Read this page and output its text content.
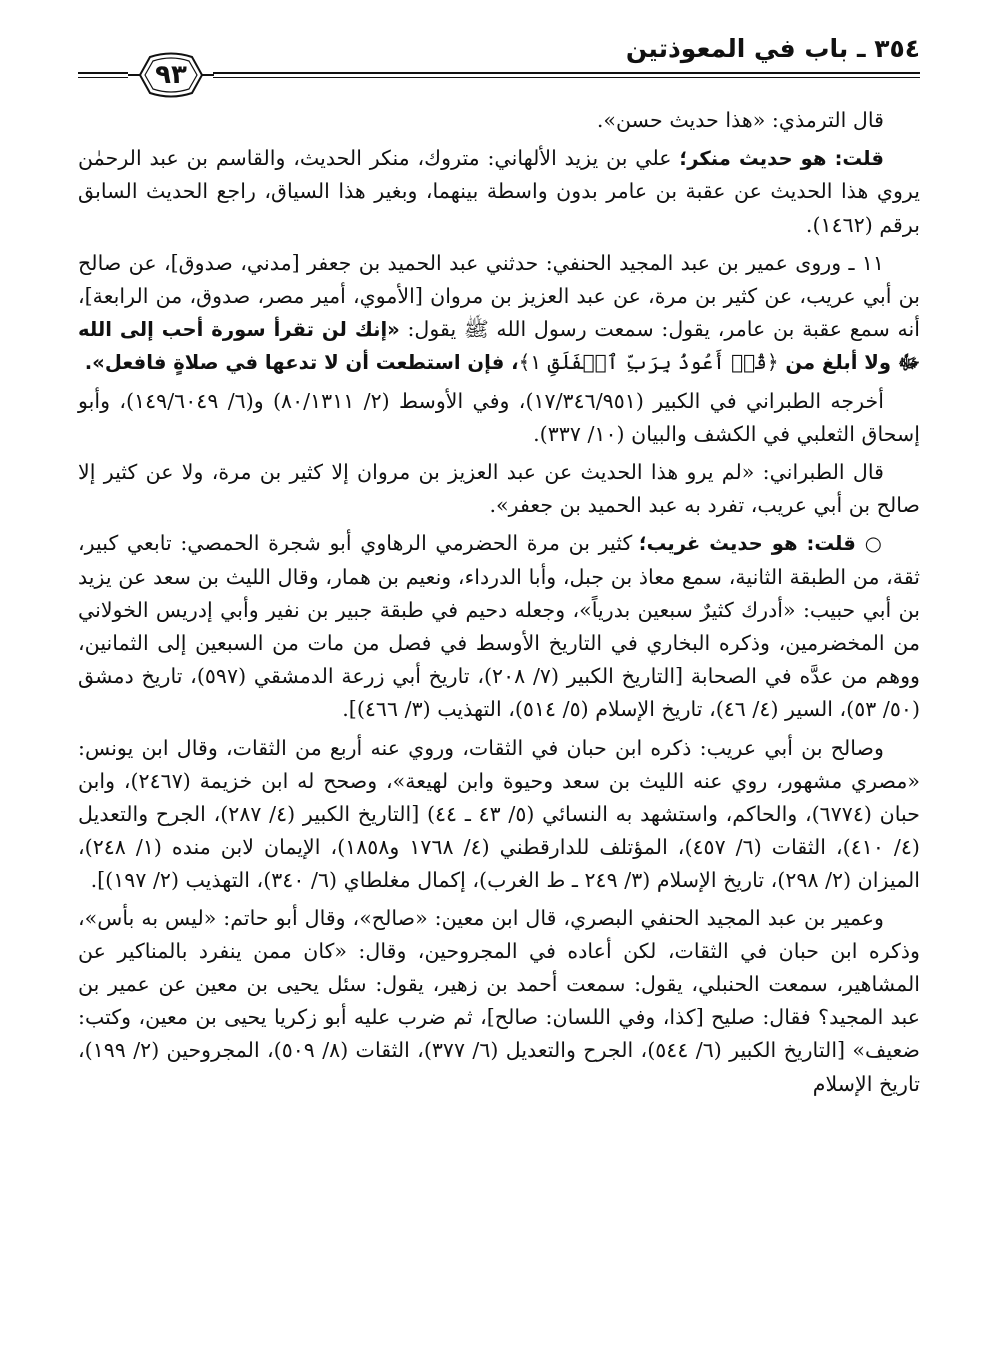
٣٥٤ ـ باب في المعوذتين
٩٣

قال الترمذي: «هذا حديث حسن».

قلت: هو حديث منكر؛ علي بن يزيد الألهاني: متروك، منكر الحديث، والقاسم بن عبد الرحمٰن يروي هذا الحديث عن عقبة بن عامر بدون واسطة بينهما، وبغير هذا السياق، راجع الحديث السابق برقم (١٤٦٢).

١١ ـ وروى عمير بن عبد المجيد الحنفي: حدثني عبد الحميد بن جعفر [مدني، صدوق]، عن صالح بن أبي عريب، عن كثير بن مرة، عن عبد العزيز بن مروان [الأموي، أمير مصر، صدوق، من الرابعة]، أنه سمع عقبة بن عامر، يقول: سمعت رسول الله ﷺ يقول: «إنك لن تقرأ سورة أحب إلى الله ﷻ ولا أبلغ من ﴿قُلۡ أَعُوذُ بِرَبِّ ٱلۡفَلَقِ ١﴾، فإن استطعت أن لا تدعها في صلاةٍ فافعل».

أخرجه الطبراني في الكبير (١٧/٣٤٦/٩٥١)، وفي الأوسط (٢/ ٨٠/١٣١١) و(٦/ ١٤٩/٦٠٤٩)، وأبو إسحاق الثعلبي في الكشف والبيان (١٠/ ٣٣٧).

قال الطبراني: «لم يرو هذا الحديث عن عبد العزيز بن مروان إلا كثير بن مرة، ولا عن كثير إلا صالح بن أبي عريب، تفرد به عبد الحميد بن جعفر».

○ قلت: هو حديث غريب؛ كثير بن مرة الحضرمي الرهاوي أبو شجرة الحمصي: تابعي كبير، ثقة، من الطبقة الثانية، سمع معاذ بن جبل، وأبا الدرداء، ونعيم بن همار، وقال الليث بن سعد عن يزيد بن أبي حبيب: «أدرك كثيرٌ سبعين بدرياً»، وجعله دحيم في طبقة جبير بن نفير وأبي إدريس الخولاني من المخضرمين، وذكره البخاري في التاريخ الأوسط في فصل من مات من السبعين إلى الثمانين، ووهم من عدَّه في الصحابة [التاريخ الكبير (٧/ ٢٠٨)، تاريخ أبي زرعة الدمشقي (٥٩٧)، تاريخ دمشق (٥٠/ ٥٣)، السير (٤/ ٤٦)، تاريخ الإسلام (٥/ ٥١٤)، التهذيب (٣/ ٤٦٦)].

وصالح بن أبي عريب: ذكره ابن حبان في الثقات، وروي عنه أربع من الثقات، وقال ابن يونس: «مصري مشهور، روي عنه الليث بن سعد وحيوة وابن لهيعة»، وصحح له ابن خزيمة (٢٤٦٧)، وابن حبان (٦٧٧٤)، والحاكم، واستشهد به النسائي (٥/ ٤٣ ـ ٤٤) [التاريخ الكبير (٤/ ٢٨٧)، الجرح والتعديل (٤/ ٤١٠)، الثقات (٦/ ٤٥٧)، المؤتلف للدارقطني (٤/ ١٧٦٨ و١٨٥٨)، الإيمان لابن منده (١/ ٢٤٨)، الميزان (٢/ ٢٩٨)، تاريخ الإسلام (٣/ ٢٤٩ ـ ط الغرب)، إكمال مغلطاي (٦/ ٣٤٠)، التهذيب (٢/ ١٩٧)].

وعمير بن عبد المجيد الحنفي البصري، قال ابن معين: «صالح»، وقال أبو حاتم: «ليس به بأس»، وذكره ابن حبان في الثقات، لكن أعاده في المجروحين، وقال: «كان ممن ينفرد بالمناكير عن المشاهير، سمعت الحنبلي، يقول: سمعت أحمد بن زهير، يقول: سئل يحيى بن معين عن عمير بن عبد المجيد؟ فقال: صليح [كذا، وفي اللسان: صالح]، ثم ضرب عليه أبو زكريا يحيى بن معين، وكتب: ضعيف» [التاريخ الكبير (٦/ ٥٤٤)، الجرح والتعديل (٦/ ٣٧٧)، الثقات (٨/ ٥٠٩)، المجروحين (٢/ ١٩٩)، تاريخ الإسلام
